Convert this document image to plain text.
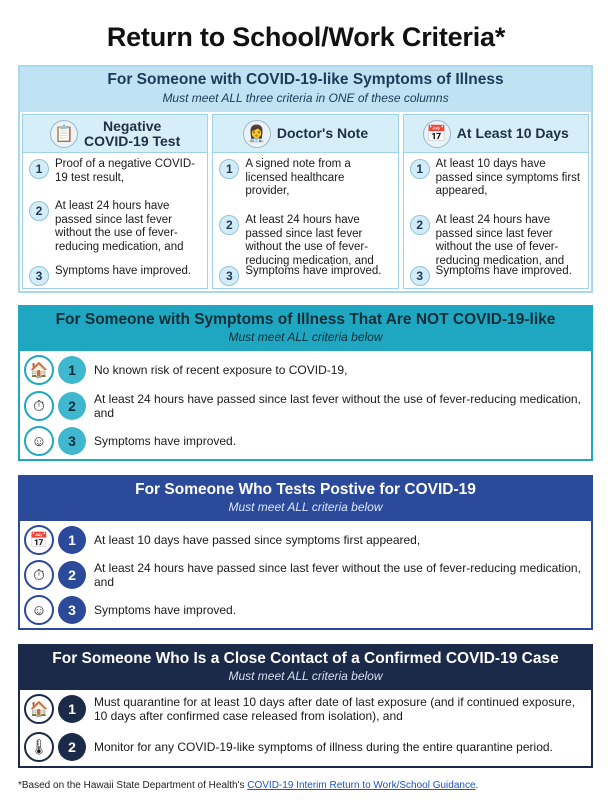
Return to School/Work Criteria*
For Someone with COVID-19-like Symptoms of Illness
Must meet ALL three criteria in ONE of these columns
📋	Negative
COVID-19 Test
1	Proof of a negative COVID-19 test result,
2	At least 24 hours have passed since last fever without the use of fever-reducing medication, and
3	Symptoms have improved.
👩‍⚕️ Doctor's Note
1	A signed note from a licensed healthcare provider,
2	At least 24 hours have passed since last fever without the use of fever-reducing medication, and
3	Symptoms have improved.
📅 At Least 10 Days
1	At least 10 days have passed since symptoms first appeared,
2	At least 24 hours have passed since last fever without the use of fever-reducing medication, and
3	Symptoms have improved.
For Someone with Symptoms of Illness That Are NOT COVID-19-like
Must meet ALL criteria below
🏠	1	No known risk of recent exposure to COVID-19,
⏱	2	At least 24 hours have passed since last fever without the use of fever-reducing medication, and
☺	3	Symptoms have improved.
For Someone Who Tests Postive for COVID-19
Must meet ALL criteria below
📅	1	At least 10 days have passed since symptoms first appeared,
⏱	2	At least 24 hours have passed since last fever without the use of fever-reducing medication, and
☺	3	Symptoms have improved.
For Someone Who Is a Close Contact of a Confirmed COVID-19 Case
Must meet ALL criteria below
🏠	1	Must quarantine for at least 10 days after date of last exposure (and if continued exposure, 10 days after confirmed case released from isolation), and
🌡	2	Monitor for any COVID-19-like symptoms of illness during the entire quarantine period.
*Based on the Hawaii State Department of Health's COVID-19 Interim Return to Work/School Guidance.
